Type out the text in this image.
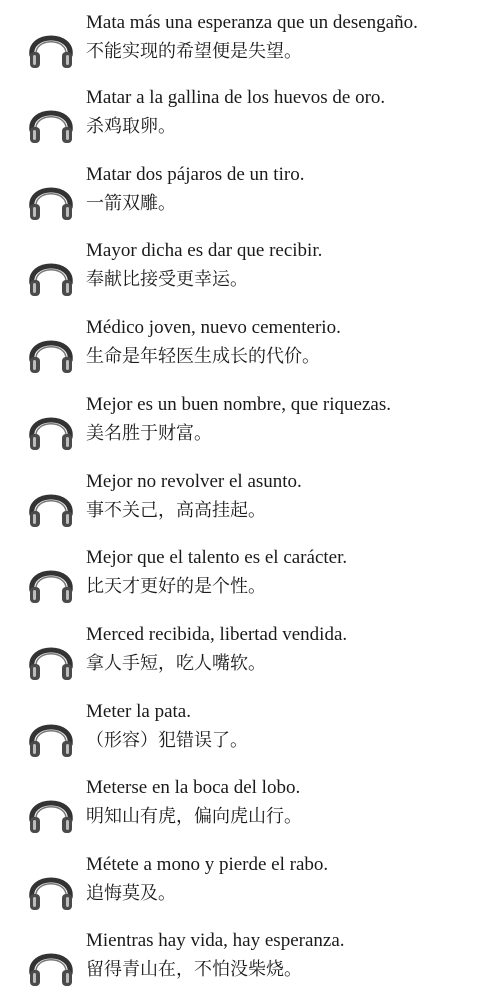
Mata más una esperanza que un desengaño.
不能实现的希望便是失望。
Matar a la gallina de los huevos de oro.
杀鸡取卵。
Matar dos pájaros de un tiro.
一箭双雕。
Mayor dicha es dar que recibir.
奉献比接受更幸运。
Médico joven, nuevo cementerio.
生命是年轻医生成长的代价。
Mejor es un buen nombre, que riquezas.
美名胜于财富。
Mejor no revolver el asunto.
事不关己，高高挂起。
Mejor que el talento es el carácter.
比天才更好的是个性。
Merced recibida, libertad vendida.
拿人手短，吃人嘴软。
Meter la pata.
（形容）犯错误了。
Meterse en la boca del lobo.
明知山有虎，偏向虎山行。
Métete a mono y pierde el rabo.
追悔莫及。
Mientras hay vida, hay esperanza.
留得青山在，不怕没柴烧。
